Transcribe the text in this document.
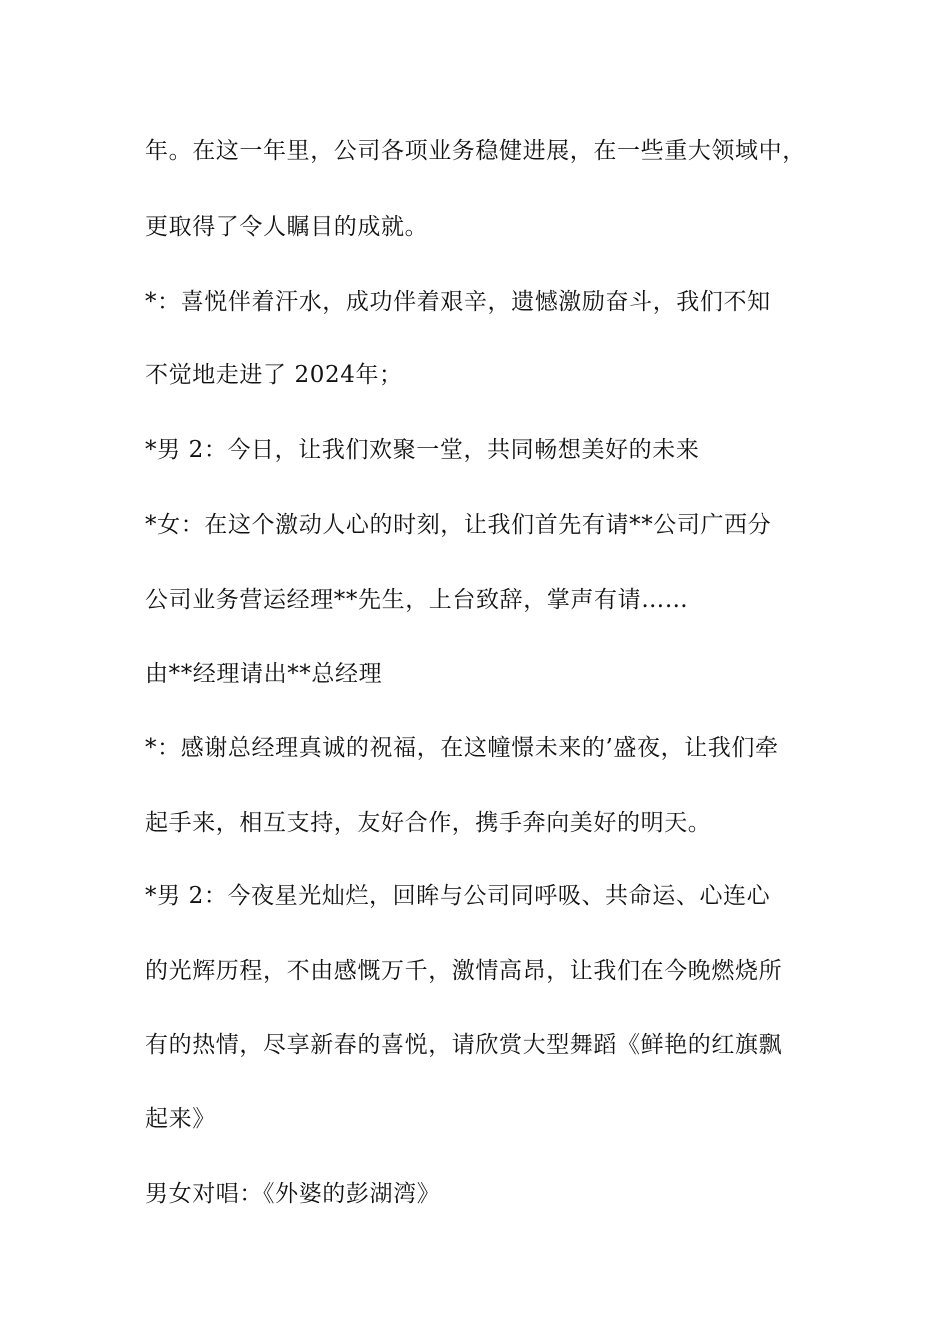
年。在这一年里，公司各项业务稳健进展，在一些重大领域中，
更取得了令人瞩目的成就。
*：喜悦伴着汗水，成功伴着艰辛，遗憾激励奋斗，我们不知
不觉地走进了 2024年；
*男 2：今日，让我们欢聚一堂，共同畅想美好的未来
*女：在这个激动人心的时刻，让我们首先有请**公司广西分
公司业务营运经理**先生，上台致辞，掌声有请……
由**经理请出**总经理
*：感谢总经理真诚的祝福，在这幢憬未来的’盛夜，让我们牵
起手来，相互支持，友好合作，携手奔向美好的明天。
*男 2：今夜星光灿烂，回眸与公司同呼吸、共命运、心连心
的光辉历程，不由感慨万千，激情高昂，让我们在今晚燃烧所
有的热情，尽享新春的喜悦，请欣赏大型舞蹈《鲜艳的红旗飘
起来》
男女对唱：《外婆的彭湖湾》
